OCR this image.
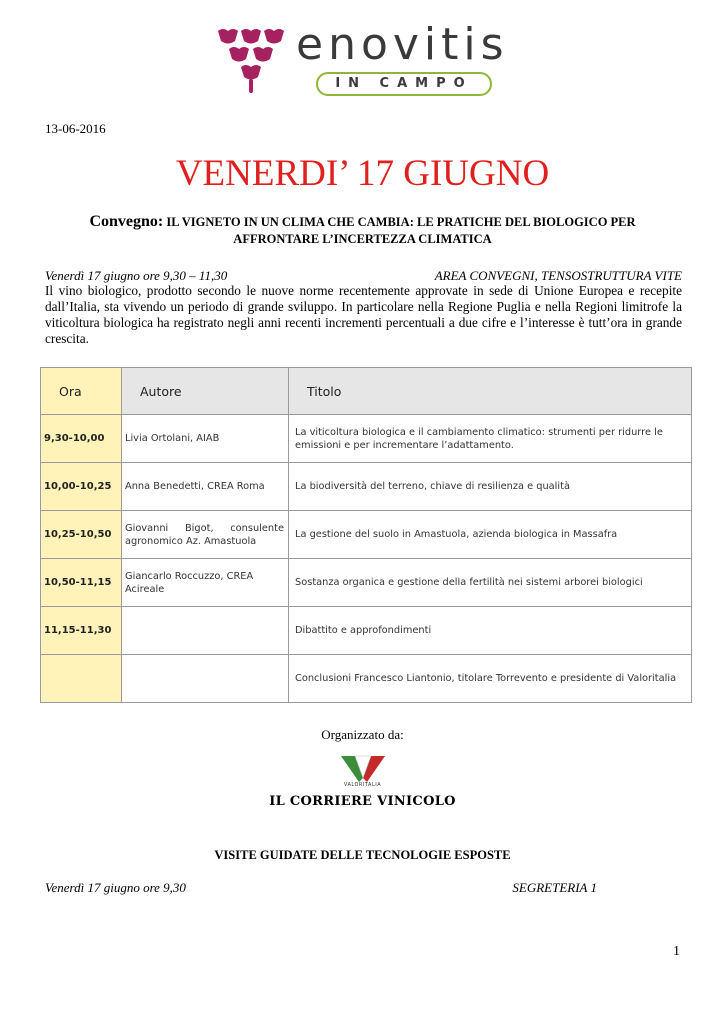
enovitis
IN CAMPO
13-06-2016
VENERDI’ 17 GIUGNO
Convegno: IL VIGNETO IN UN CLIMA CHE CAMBIA: LE PRATICHE DEL BIOLOGICO PER
AFFRONTARE L’INCERTEZZA CLIMATICA
Venerdì 17 giugno ore 9,30 – 11,30	AREA CONVEGNI, TENSOSTRUTTURA VITE
Il vino biologico, prodotto secondo le nuove norme recentemente approvate in sede di Unione Europea e recepite dall’Italia, sta vivendo un periodo di grande sviluppo. In particolare nella Regione Puglia e nella Regioni limitrofe la viticoltura biologica ha registrato negli anni recenti incrementi percentuali a due cifre e l’interesse è tutt’ora in grande crescita.
Ora	Autore	Titolo
9,30-10,00	Livia Ortolani, AIAB	La viticoltura biologica e il cambiamento climatico: strumenti per ridurre le emissioni e per incrementare l’adattamento.
10,00-10,25	Anna Benedetti, CREA Roma	La biodiversità del terreno, chiave di resilienza e qualità
10,25-10,50	Giovanni Bigot, consulente agronomico Az. Amastuola	La gestione del suolo in Amastuola, azienda biologica in Massafra
10,50-11,15	Giancarlo Roccuzzo, CREA Acireale	Sostanza organica e gestione della fertilità nei sistemi arborei biologici
11,15-11,30		Dibattito e approfondimenti
		Conclusioni Francesco Liantonio, titolare Torrevento e presidente di Valoritalia
Organizzato da:
VALORITALIA
IL CORRIERE VINICOLO
VISITE GUIDATE DELLE TECNOLOGIE ESPOSTE
Venerdì 17 giugno ore 9,30	SEGRETERIA 1
1
